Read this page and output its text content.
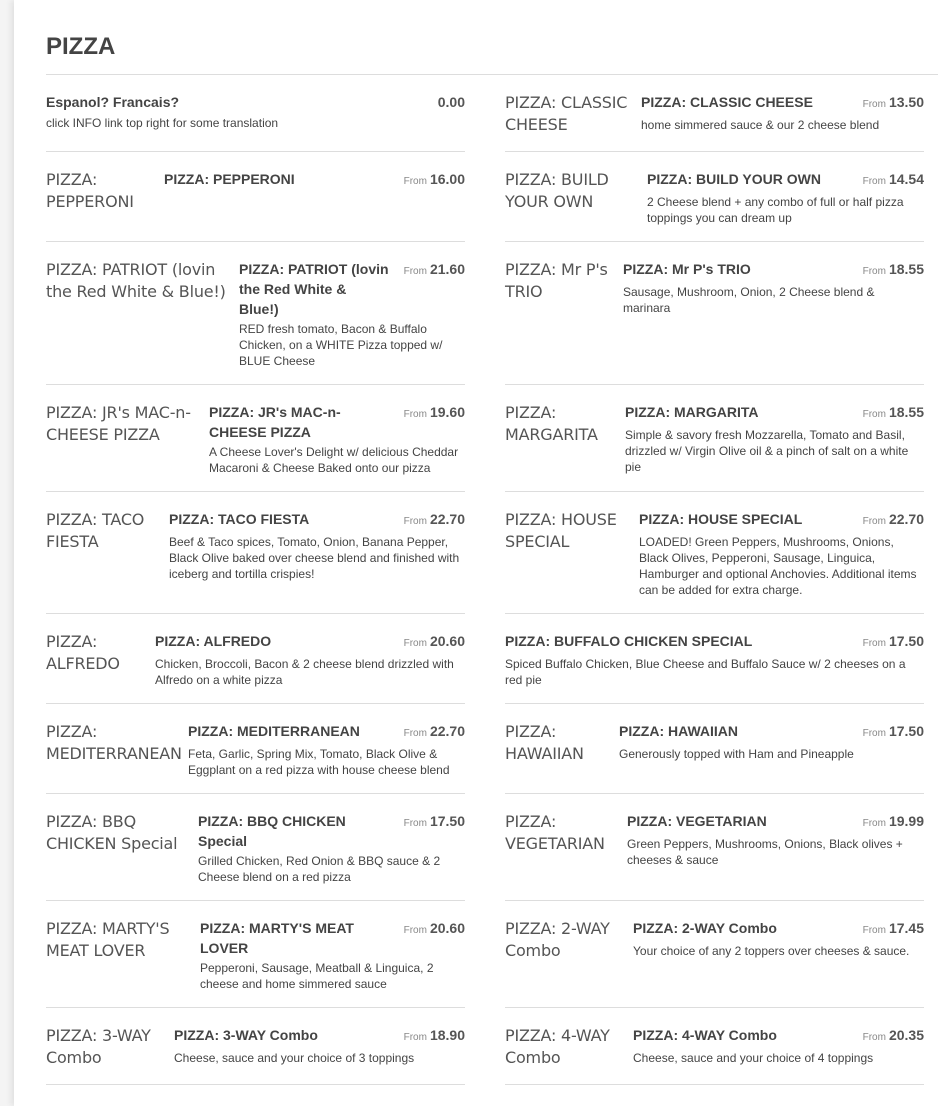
PIZZA
Espanol? Francais?	0.00
click INFO link top right for some translation
PIZZA: CLASSIC CHEESE
PIZZA: CLASSIC CHEESE	From 13.50
home simmered sauce & our 2 cheese blend
PIZZA: PEPPERONI
PIZZA: PEPPERONI	From 16.00	PIZZA: BUILD YOUR OWN
PIZZA: BUILD YOUR OWN	From 14.54
2 Cheese blend + any combo of full or half pizza toppings you can dream up
PIZZA: PATRIOT (lovin the Red White & Blue!)
PIZZA: PATRIOT (lovin the Red White & Blue!)
From 21.60
RED fresh tomato, Bacon & Buffalo Chicken, on a WHITE Pizza topped w/ BLUE Cheese
PIZZA: Mr P's TRIO
PIZZA: Mr P's TRIO	From 18.55
Sausage, Mushroom, Onion, 2 Cheese blend & marinara
PIZZA: JR's MAC-n-CHEESE PIZZA
PIZZA: JR's MAC-n-CHEESE PIZZA
From 19.60
A Cheese Lover's Delight w/ delicious Cheddar Macaroni & Cheese Baked onto our pizza
PIZZA: MARGARITA
PIZZA: MARGARITA	From 18.55
Simple & savory fresh Mozzarella, Tomato and Basil, drizzled w/ Virgin Olive oil & a pinch of salt on a white pie
PIZZA: TACO FIESTA
PIZZA: TACO FIESTA	From 22.70
Beef & Taco spices, Tomato, Onion, Banana Pepper, Black Olive baked over cheese blend and finished with iceberg and tortilla crispies!
PIZZA: HOUSE SPECIAL
PIZZA: HOUSE SPECIAL	From 22.70
LOADED! Green Peppers, Mushrooms, Onions, Black Olives, Pepperoni, Sausage, Linguica, Hamburger and optional Anchovies. Additional items can be added for extra charge.
PIZZA: ALFREDO
PIZZA: ALFREDO	From 20.60
Chicken, Broccoli, Bacon & 2 cheese blend drizzled with Alfredo on a white pizza
PIZZA: BUFFALO CHICKEN SPECIAL	From 17.50
Spiced Buffalo Chicken, Blue Cheese and Buffalo Sauce w/ 2 cheeses on a red pie
PIZZA: MEDITERRANEAN
PIZZA: MEDITERRANEAN	From 22.70
Feta, Garlic, Spring Mix, Tomato, Black Olive & Eggplant on a red pizza with house cheese blend
PIZZA: HAWAIIAN
PIZZA: HAWAIIAN	From 17.50
Generously topped with Ham and Pineapple
PIZZA: BBQ CHICKEN Special
PIZZA: BBQ CHICKEN Special
From 17.50
Grilled Chicken, Red Onion & BBQ sauce & 2 Cheese blend on a red pizza
PIZZA: VEGETARIAN
PIZZA: VEGETARIAN	From 19.99
Green Peppers, Mushrooms, Onions, Black olives + cheeses & sauce
PIZZA: MARTY'S MEAT LOVER
PIZZA: MARTY'S MEAT LOVER
From 20.60
Pepperoni, Sausage, Meatball & Linguica, 2 cheese and home simmered sauce
PIZZA: 2-WAY Combo
PIZZA: 2-WAY Combo	From 17.45
Your choice of any 2 toppers over cheeses & sauce.
PIZZA: 3-WAY Combo
PIZZA: 3-WAY Combo	From 18.90
Cheese, sauce and your choice of 3 toppings
PIZZA: 4-WAY Combo
PIZZA: 4-WAY Combo	From 20.35
Cheese, sauce and your choice of 4 toppings
